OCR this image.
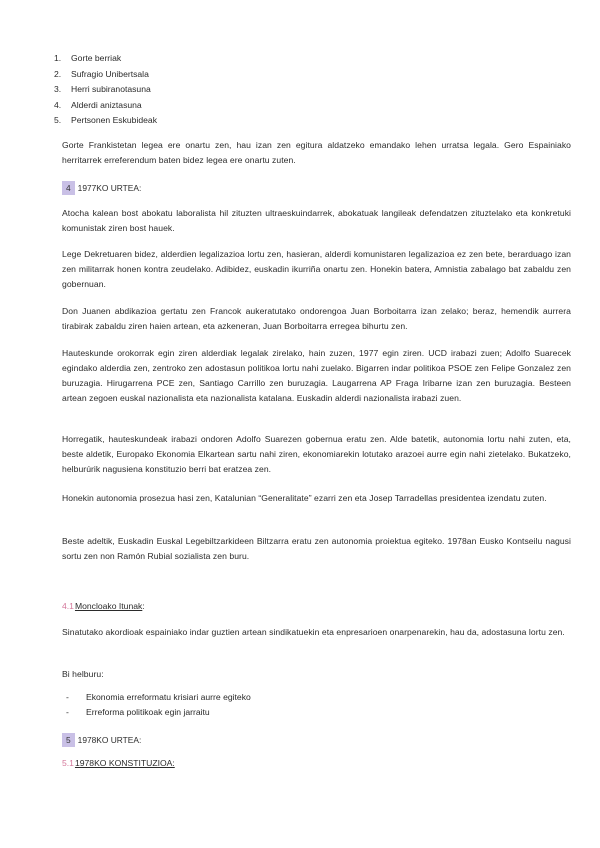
1.	Gorte berriak
2.	Sufragio Unibertsala
3.	Herri subiranotasuna
4.	Alderdi aniztasuna
5.	Pertsonen Eskubideak

Gorte Frankistetan legea ere onartu zen, hau izan zen egitura aldatzeko emandako lehen urratsa legala. Gero Espainiako herritarrek erreferendum baten bidez legea ere onartu zuten.

4 1977KO URTEA:

Atocha kalean bost abokatu laboralista hil zituzten ultraeskuindarrek, abokatuak langileak defendatzen zituztelako eta konkretuki komunistak ziren bost hauek.

Lege Dekretuaren bidez, alderdien legalizazioa lortu zen, hasieran, alderdi komunistaren legalizazioa ez zen bete, berarduago izan zen militarrak honen kontra zeudelako. Adibidez, euskadin ikurriña onartu zen. Honekin batera, Amnistia zabalago bat zabaldu zen gobernuan.

Don Juanen abdikazioa gertatu zen Francok aukeratutako ondorengoa Juan Borboitarra izan zelako; beraz, hemendik aurrera tirabirak zabaldu ziren haien artean, eta azkeneran, Juan Borboitarra erregea bihurtu zen.

Hauteskunde orokorrak egin ziren alderdiak legalak zirelako, hain zuzen, 1977 egin ziren. UCD irabazi zuen; Adolfo Suarecek egindako alderdia zen, zentroko zen adostasun politikoa lortu nahi zuelako. Bigarren indar politikoa PSOE zen Felipe Gonzalez zen buruzagia. Hirugarrena PCE zen, Santiago Carrillo zen buruzagia. Laugarrena AP Fraga Iribarne izan zen buruzagia. Besteen artean zegoen euskal nazionalista eta nazionalista katalana. Euskadin alderdi nazionalista irabazi zuen.

Horregatik, hauteskundeak irabazi ondoren Adolfo Suarezen gobernua eratu zen. Alde batetik, autonomia lortu nahi zuten, eta, beste aldetik, Europako Ekonomia Elkartean sartu nahi ziren, ekonomiarekin lotutako arazoei aurre egin nahi zietelako. Bukatzeko, helburúrik nagusiena konstituzio berri bat eratzea zen.

Honekin autonomia prosezua hasi zen, Katalunian “Generalitate” ezarri zen eta Josep Tarradellas presidentea izendatu zuten.

Beste adeltik, Euskadin Euskal Legebiltzarkideen Biltzarra eratu zen autonomia proiektua egiteko. 1978an Eusko Kontseilu nagusi sortu zen non Ramón Rubial sozialista zen buru.

4.1Moncloako Itunak:

Sinatutako akordioak espainiako indar guztien artean sindikatuekin eta enpresarioen onarpenarekin, hau da, adostasuna lortu zen.

Bi helburu:

-	Ekonomia erreformatu krisiari aurre egiteko
-	Erreforma politikoak egin jarraitu
5 1978KO URTEA:
5.11978KO KONSTITUZIOA:
